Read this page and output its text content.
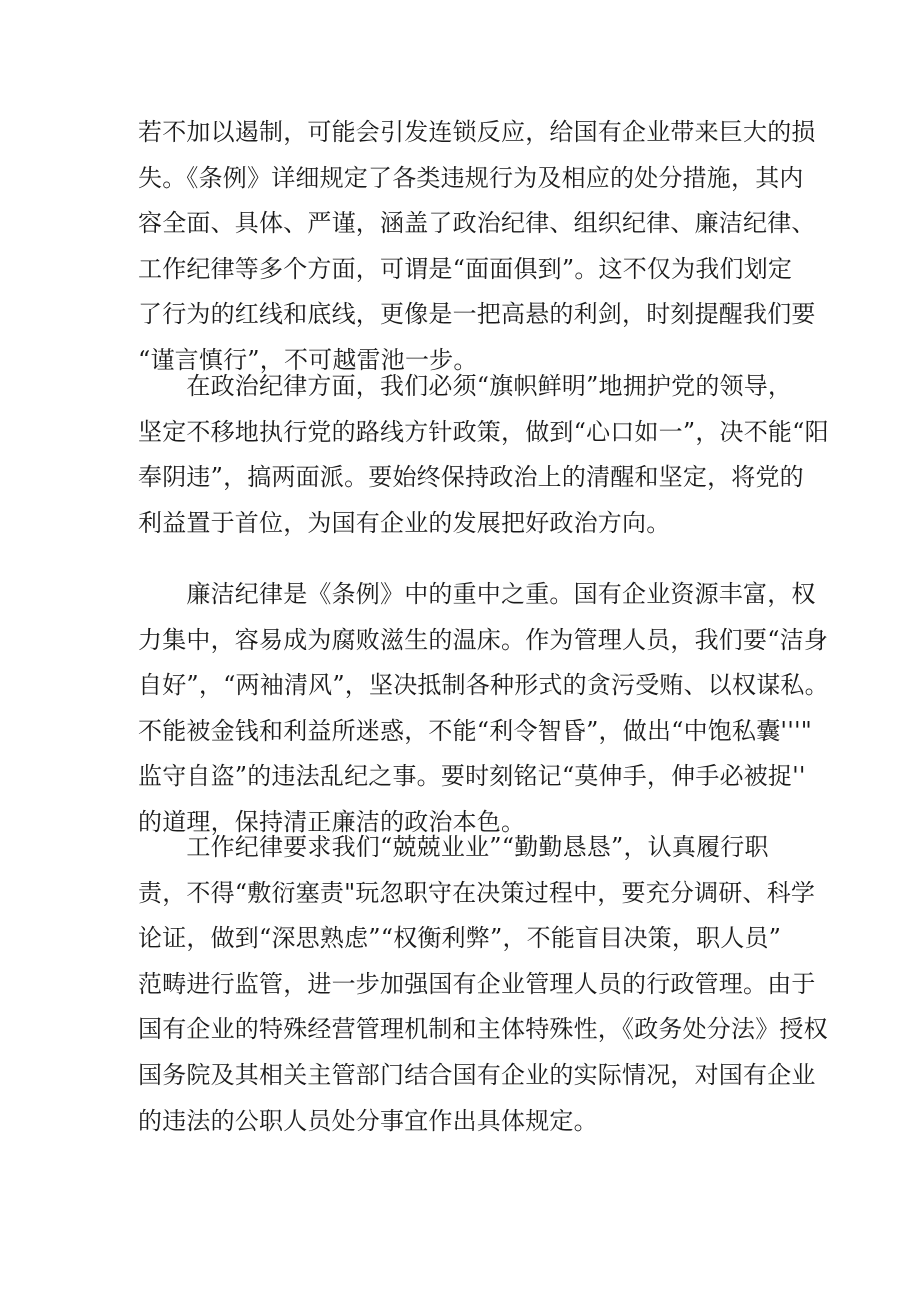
若不加以遏制，可能会引发连锁反应，给国有企业带来巨大的损
失。《条例》详细规定了各类违规行为及相应的处分措施，其内
容全面、具体、严谨，涵盖了政治纪律、组织纪律、廉洁纪律、
工作纪律等多个方面，可谓是“面面俱到”。这不仅为我们划定
了行为的红线和底线，更像是一把高悬的利剑，时刻提醒我们要
“谨言慎行”，不可越雷池一步。
　　在政治纪律方面，我们必须“旗帜鲜明”地拥护党的领导，
坚定不移地执行党的路线方针政策，做到“心口如一”，决不能“阳
奉阴违”，搞两面派。要始终保持政治上的清醒和坚定，将党的
利益置于首位，为国有企业的发展把好政治方向。
　　廉洁纪律是《条例》中的重中之重。国有企业资源丰富，权
力集中，容易成为腐败滋生的温床。作为管理人员，我们要“洁身
自好”，“两袖清风”，坚决抵制各种形式的贪污受贿、以权谋私。
不能被金钱和利益所迷惑，不能“利令智昏”，做出“中饱私囊'''"
监守自盗”的违法乱纪之事。要时刻铭记“莫伸手，伸手必被捉''
的道理，保持清正廉洁的政治本色。
　　工作纪律要求我们“兢兢业业”“勤勤恳恳”，认真履行职
责，不得“敷衍塞责"玩忽职守在决策过程中，要充分调研、科学
论证，做到“深思熟虑”“权衡利弊”，不能盲目决策，职人员”
范畴进行监管，进一步加强国有企业管理人员的行政管理。由于
国有企业的特殊经营管理机制和主体特殊性，《政务处分法》授权
国务院及其相关主管部门结合国有企业的实际情况，对国有企业
的违法的公职人员处分事宜作出具体规定。
